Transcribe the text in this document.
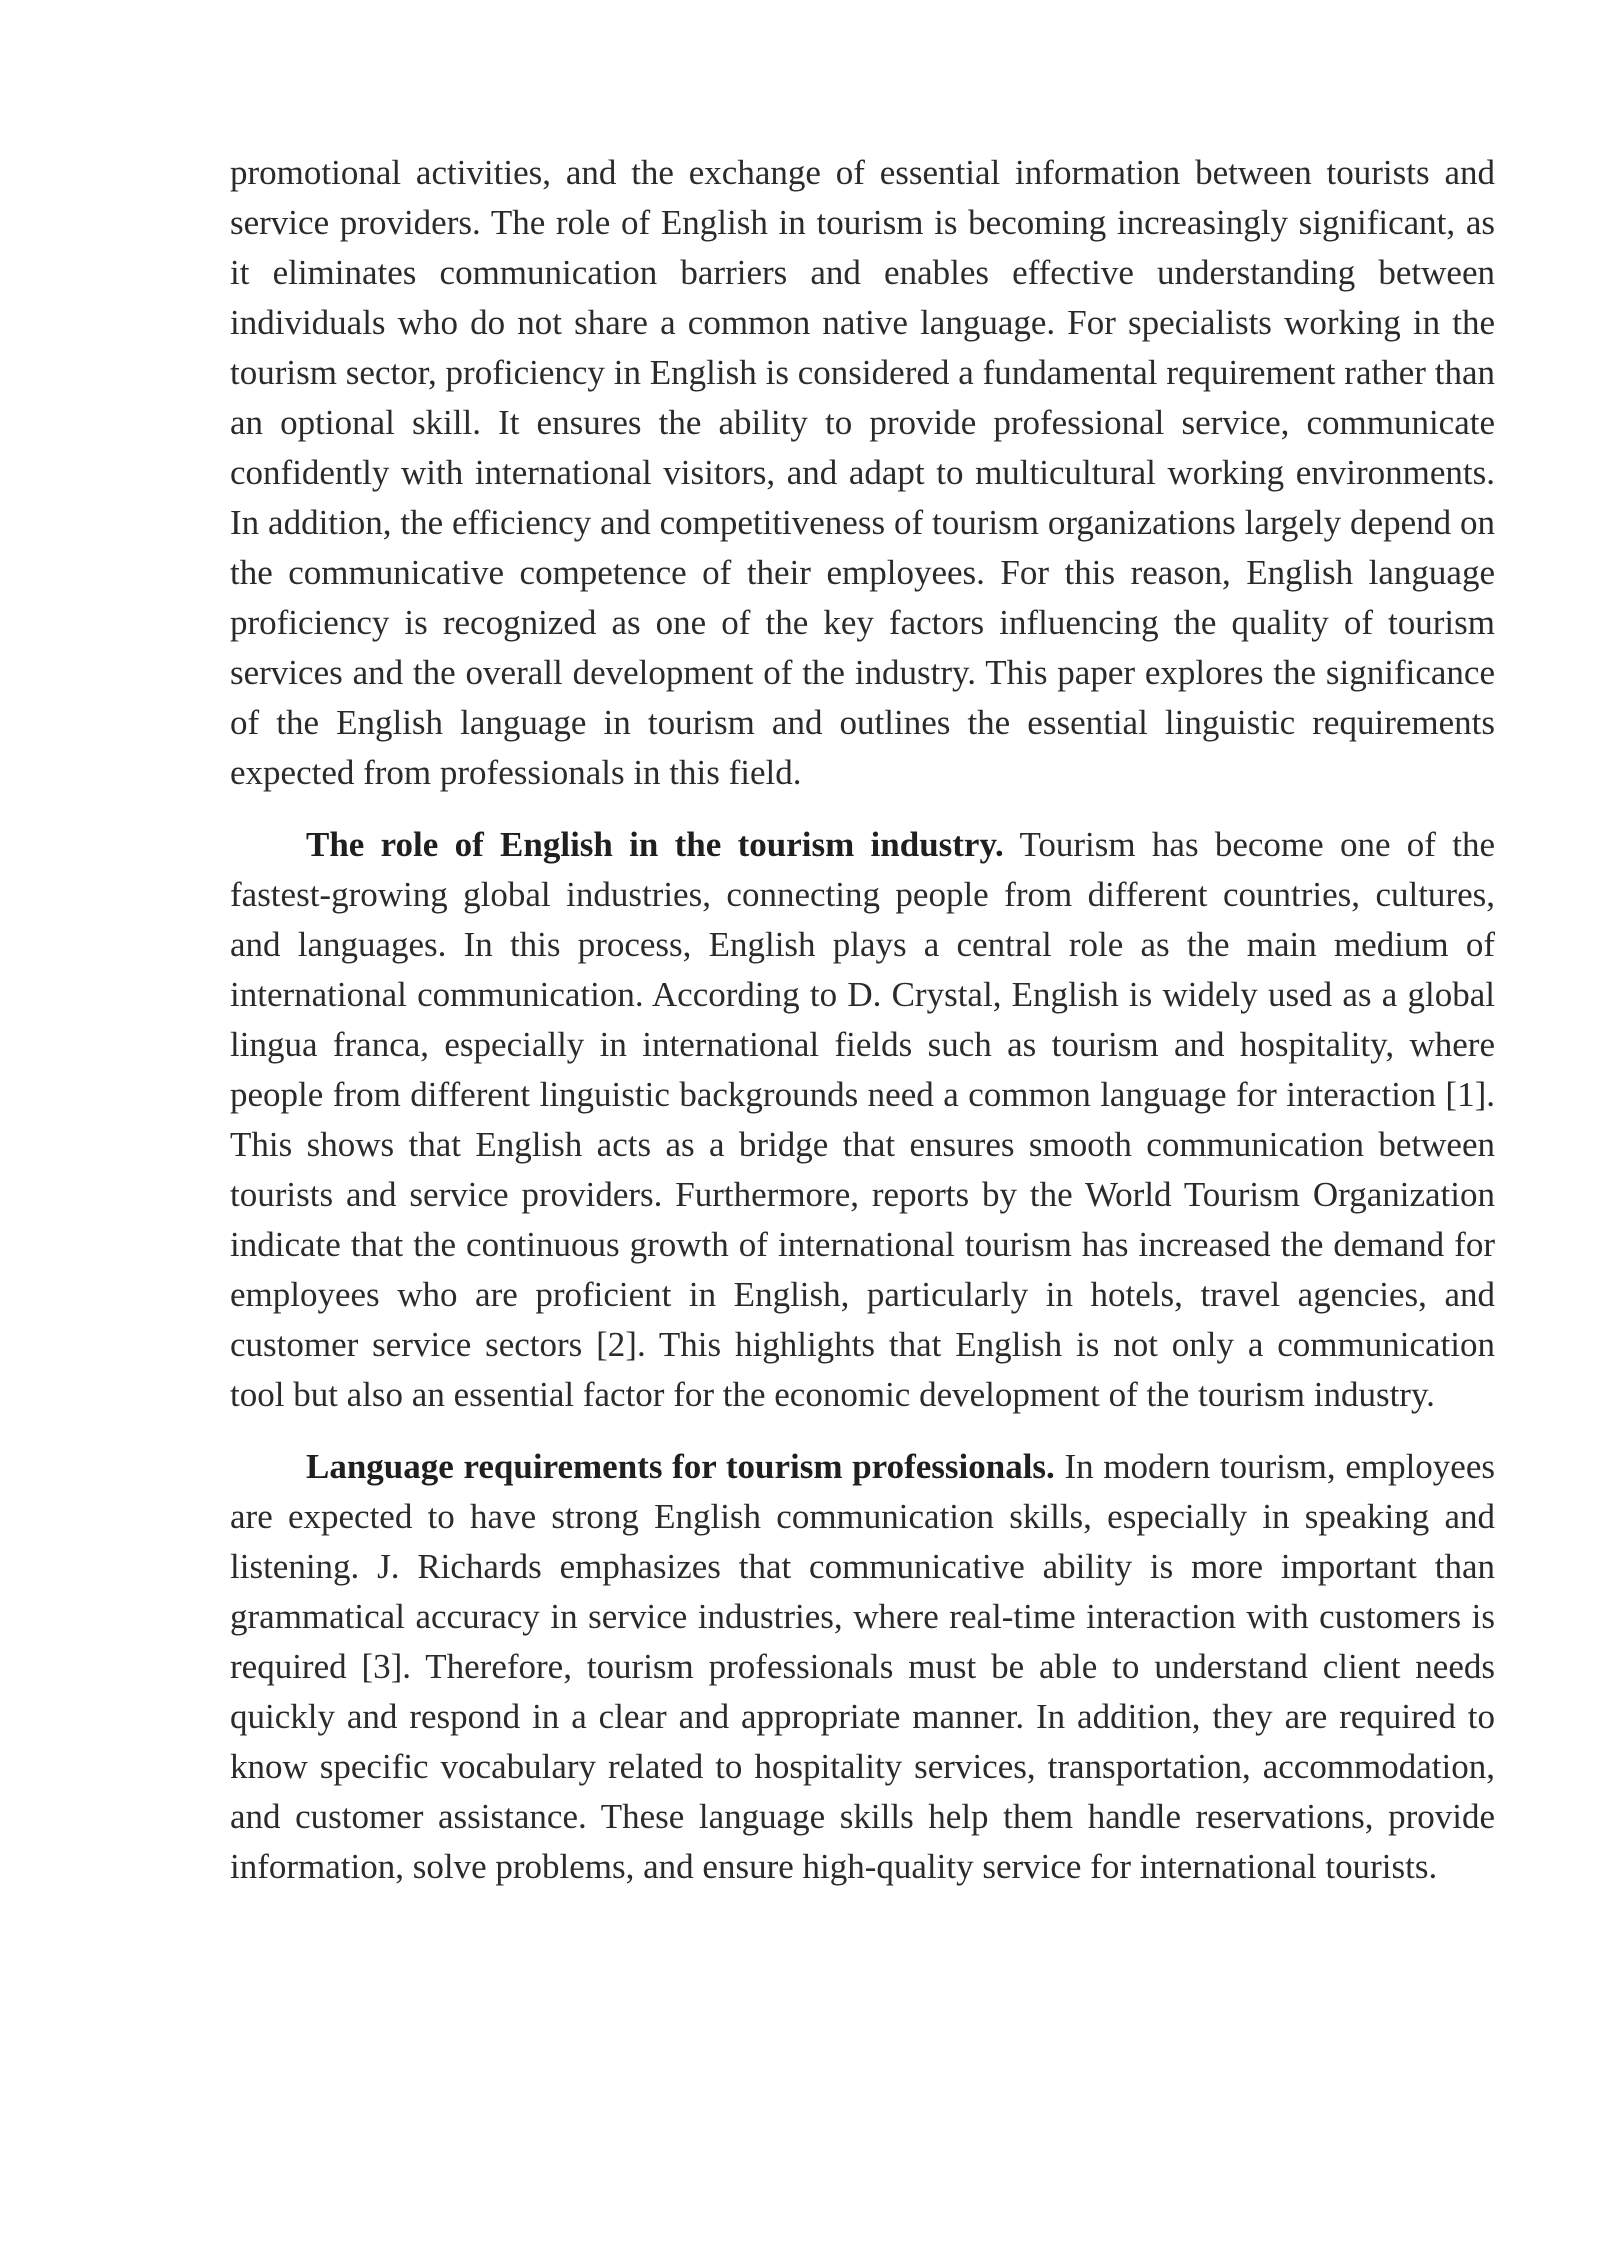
promotional activities, and the exchange of essential information between tourists and service providers. The role of English in tourism is becoming increasingly significant, as it eliminates communication barriers and enables effective understanding between individuals who do not share a common native language. For specialists working in the tourism sector, proficiency in English is considered a fundamental requirement rather than an optional skill. It ensures the ability to provide professional service, communicate confidently with international visitors, and adapt to multicultural working environments. In addition, the efficiency and competitiveness of tourism organizations largely depend on the communicative competence of their employees. For this reason, English language proficiency is recognized as one of the key factors influencing the quality of tourism services and the overall development of the industry. This paper explores the significance of the English language in tourism and outlines the essential linguistic requirements expected from professionals in this field.

The role of English in the tourism industry. Tourism has become one of the fastest-growing global industries, connecting people from different countries, cultures, and languages. In this process, English plays a central role as the main medium of international communication. According to D. Crystal, English is widely used as a global lingua franca, especially in international fields such as tourism and hospitality, where people from different linguistic backgrounds need a common language for interaction [1]. This shows that English acts as a bridge that ensures smooth communication between tourists and service providers. Furthermore, reports by the World Tourism Organization indicate that the continuous growth of international tourism has increased the demand for employees who are proficient in English, particularly in hotels, travel agencies, and customer service sectors [2]. This highlights that English is not only a communication tool but also an essential factor for the economic development of the tourism industry.

Language requirements for tourism professionals. In modern tourism, employees are expected to have strong English communication skills, especially in speaking and listening. J. Richards emphasizes that communicative ability is more important than grammatical accuracy in service industries, where real-time interaction with customers is required [3]. Therefore, tourism professionals must be able to understand client needs quickly and respond in a clear and appropriate manner. In addition, they are required to know specific vocabulary related to hospitality services, transportation, accommodation, and customer assistance. These language skills help them handle reservations, provide information, solve problems, and ensure high-quality service for international tourists.
